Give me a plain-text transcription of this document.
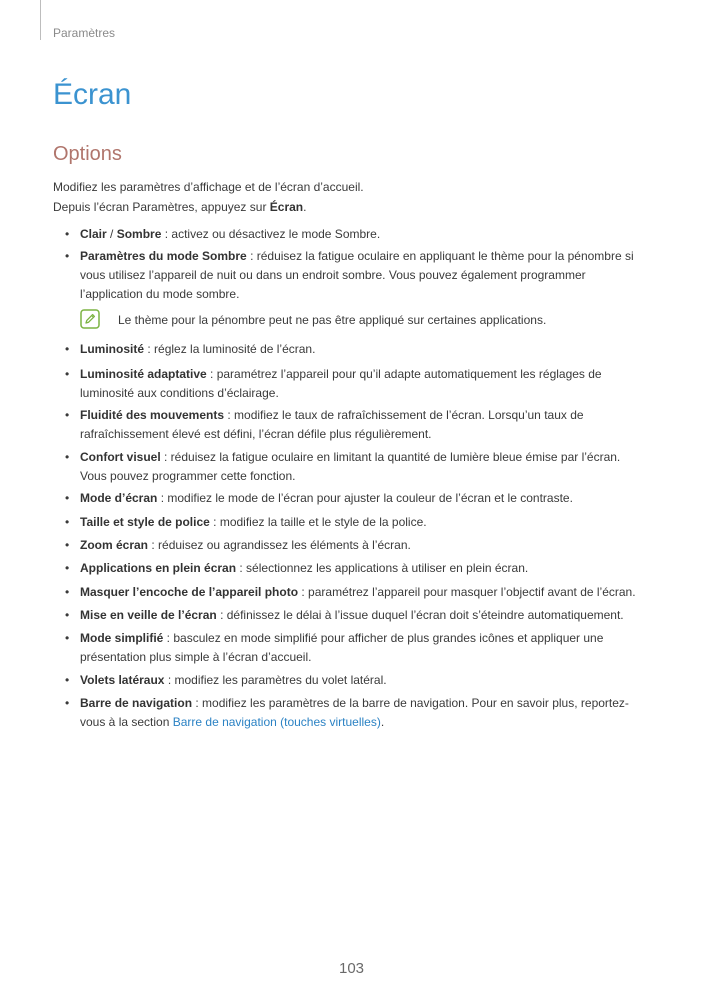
Paramètres
Écran
Options

Modifiez les paramètres d’affichage et de l’écran d’accueil.

Depuis l’écran Paramètres, appuyez sur Écran.

• Clair / Sombre : activez ou désactivez le mode Sombre.
• Paramètres du mode Sombre : réduisez la fatigue oculaire en appliquant le thème pour la pénombre si vous utilisez l’appareil de nuit ou dans un endroit sombre. Vous pouvez également programmer l’application du mode sombre.
• Luminosité : réglez la luminosité de l’écran.
• Luminosité adaptative : paramétrez l’appareil pour qu’il adapte automatiquement les réglages de luminosité aux conditions d’éclairage.
• Fluidité des mouvements : modifiez le taux de rafraîchissement de l’écran. Lorsqu’un taux de rafraîchissement élevé est défini, l’écran défile plus régulièrement.
• Confort visuel : réduisez la fatigue oculaire en limitant la quantité de lumière bleue émise par l’écran. Vous pouvez programmer cette fonction.
• Mode d’écran : modifiez le mode de l’écran pour ajuster la couleur de l’écran et le contraste.
• Taille et style de police : modifiez la taille et le style de la police.
• Zoom écran : réduisez ou agrandissez les éléments à l’écran.
• Applications en plein écran : sélectionnez les applications à utiliser en plein écran.
• Masquer l’encoche de l’appareil photo : paramétrez l’appareil pour masquer l’objectif avant de l’écran.
• Mise en veille de l’écran : définissez le délai à l’issue duquel l’écran doit s’éteindre automatiquement.
• Mode simplifié : basculez en mode simplifié pour afficher de plus grandes icônes et appliquer une présentation plus simple à l’écran d’accueil.
• Volets latéraux : modifiez les paramètres du volet latéral.
• Barre de navigation : modifiez les paramètres de la barre de navigation. Pour en savoir plus, reportez-vous à la section Barre de navigation (touches virtuelles).
Le thème pour la pénombre peut ne pas être appliqué sur certaines applications.
103
